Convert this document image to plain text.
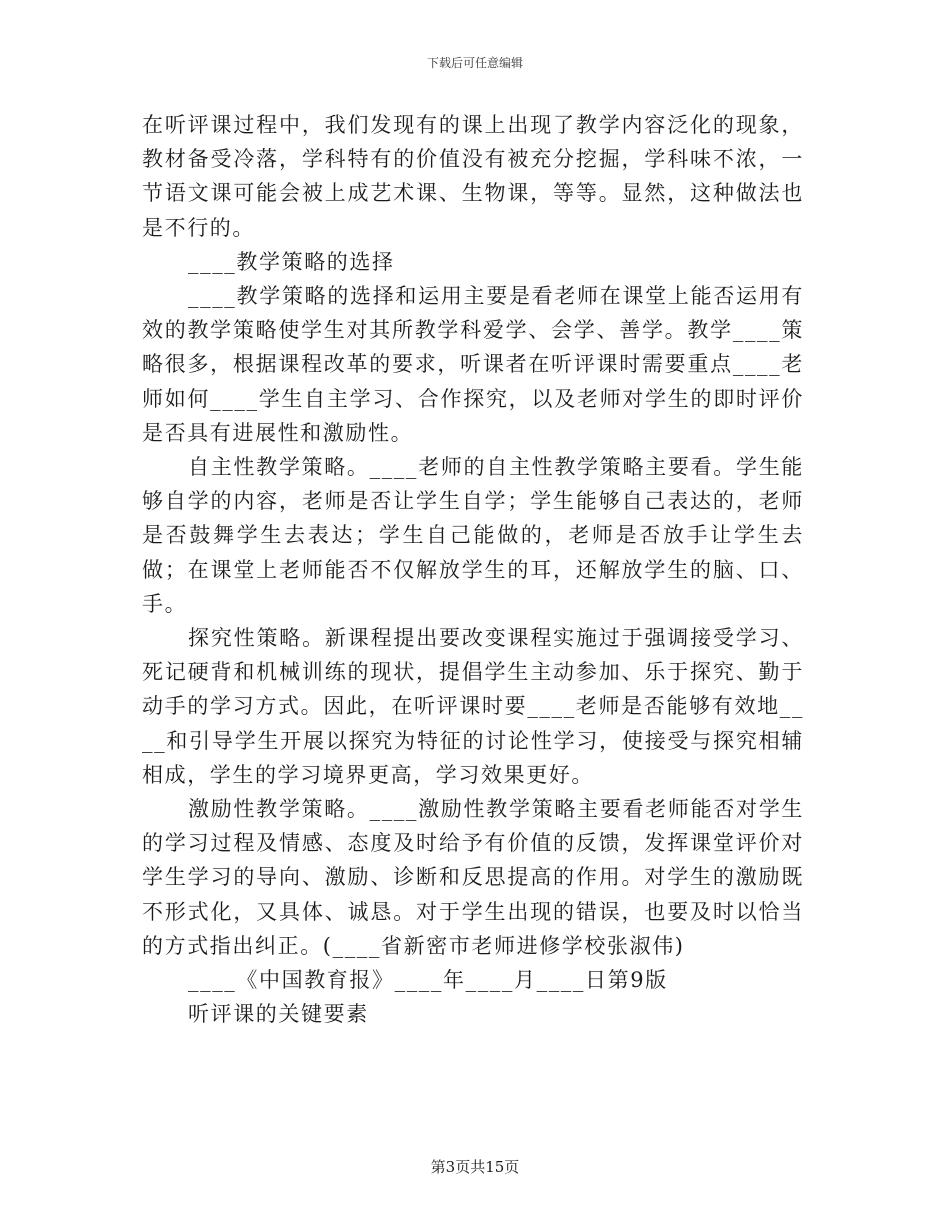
下载后可任意编辑

在听评课过程中，我们发现有的课上出现了教学内容泛化的现象，教材备受冷落，学科特有的价值没有被充分挖掘，学科味不浓，一节语文课可能会被上成艺术课、生物课，等等。显然，这种做法也是不行的。

____教学策略的选择

____教学策略的选择和运用主要是看老师在课堂上能否运用有效的教学策略使学生对其所教学科爱学、会学、善学。教学____策略很多，根据课程改革的要求，听课者在听评课时需要重点____老师如何____学生自主学习、合作探究，以及老师对学生的即时评价是否具有进展性和激励性。

自主性教学策略。____老师的自主性教学策略主要看。学生能够自学的内容，老师是否让学生自学；学生能够自己表达的，老师是否鼓舞学生去表达；学生自己能做的，老师是否放手让学生去做；在课堂上老师能否不仅解放学生的耳，还解放学生的脑、口、手。

探究性策略。新课程提出要改变课程实施过于强调接受学习、死记硬背和机械训练的现状，提倡学生主动参加、乐于探究、勤于动手的学习方式。因此，在听评课时要____老师是否能够有效地____和引导学生开展以探究为特征的讨论性学习，使接受与探究相辅相成，学生的学习境界更高，学习效果更好。

激励性教学策略。____激励性教学策略主要看老师能否对学生的学习过程及情感、态度及时给予有价值的反馈，发挥课堂评价对学生学习的导向、激励、诊断和反思提高的作用。对学生的激励既不形式化，又具体、诚恳。对于学生出现的错误，也要及时以恰当的方式指出纠正。(____省新密市老师进修学校张淑伟)

____《中国教育报》____年____月____日第9版

听评课的关键要素

第3页共15页
